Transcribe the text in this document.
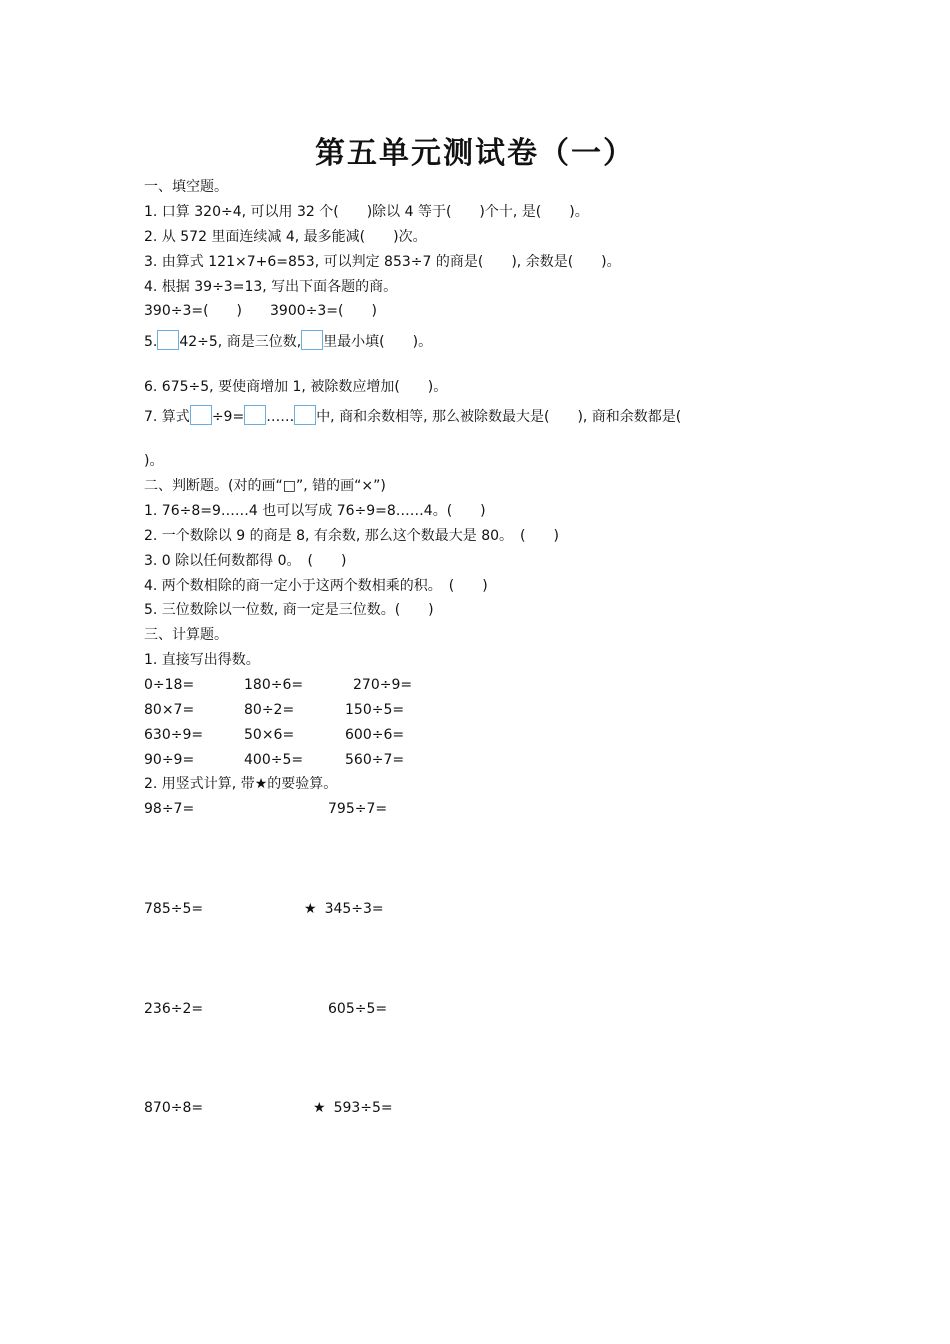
第五单元测试卷（一）
一、填空题。
1. 口算 320÷4, 可以用 32 个(　　)除以 4 等于(　　)个十, 是(　　)。
2. 从 572 里面连续减 4, 最多能减(　　)次。
3. 由算式 121×7+6=853, 可以判定 853÷7 的商是(　　), 余数是(　　)。
4. 根据 39÷3=13, 写出下面各题的商。
390÷3=(　　)　　3900÷3=(　　)
5. 42÷5, 商是三位数, 里最小填(　　)。
6. 675÷5, 要使商增加 1, 被除数应增加(　　)。
7. 算式 ÷9= …… 中, 商和余数相等, 那么被除数最大是(　　), 商和余数都是(
)。
二、判断题。(对的画“□”, 错的画“×”)
1. 76÷8=9……4 也可以写成 76÷9=8……4。(　　)
2. 一个数除以 9 的商是 8, 有余数, 那么这个数最大是 80。　(　　)
3. 0 除以任何数都得 0。　(　　)
4. 两个数相除的商一定小于这两个数相乘的积。　(　　)
5. 三位数除以一位数, 商一定是三位数。(　　)
三、计算题。
1. 直接写出得数。
0÷18=	180÷6=	270÷9=
80×7=	80÷2=	150÷5=
630÷9=	50×6=	600÷6=
90÷9=	400÷5=	560÷7=
2. 用竖式计算, 带★的要验算。
98÷7=	795÷7=
785÷5=	★ 345÷3=
236÷2=	605÷5=
870÷8=	★ 593÷5=
